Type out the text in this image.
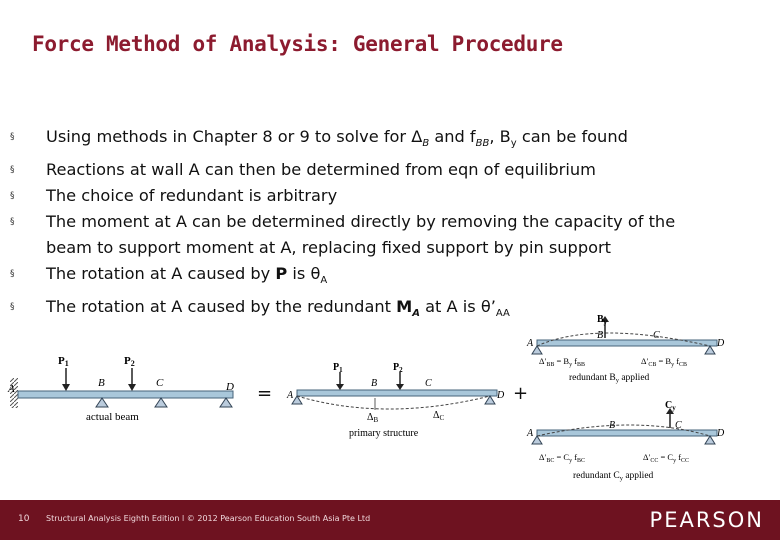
Force Method of Analysis: General Procedure
§ Using methods in Chapter 8 or 9 to solve for $\Delta_B$ and $f_{BB}$, $B_y$ can be found
§ Reactions at wall A can then be determined from eqn of equilibrium
§ The choice of redundant is arbitrary
§ The moment at A can be determined directly by removing the capacity of the
beam to support moment at A, replacing fixed support by pin support
§ The rotation at A caused by P is $\theta_A$
§ The rotation at A caused by the redundant $M_A$ at A is $\theta’_{AA}$
P1	P2
A	B	C	D
actual beam
=
$P_1$	$P_2$
A
B	C
D
$\Delta_B$	$\Delta_C$
primary structure
+
$B_y$
A
B	C
D
$\Delta'_{BB} = B_y$ $f_{BB}$	$\Delta'_{CB} = B_y$ $f_{CB}$
redundant $B_y$ applied
$C_y$
A
B	C
D
$\Delta'_{BC} = C_y$ $f_{BC}$	$\Delta'_{CC} = C_y$ $f_{CC}$
redundant $C_y$ applied
10 Structural Analysis Eighth Edition l © 2012 Pearson Education South Asia Pte Ltd	PEARSON
